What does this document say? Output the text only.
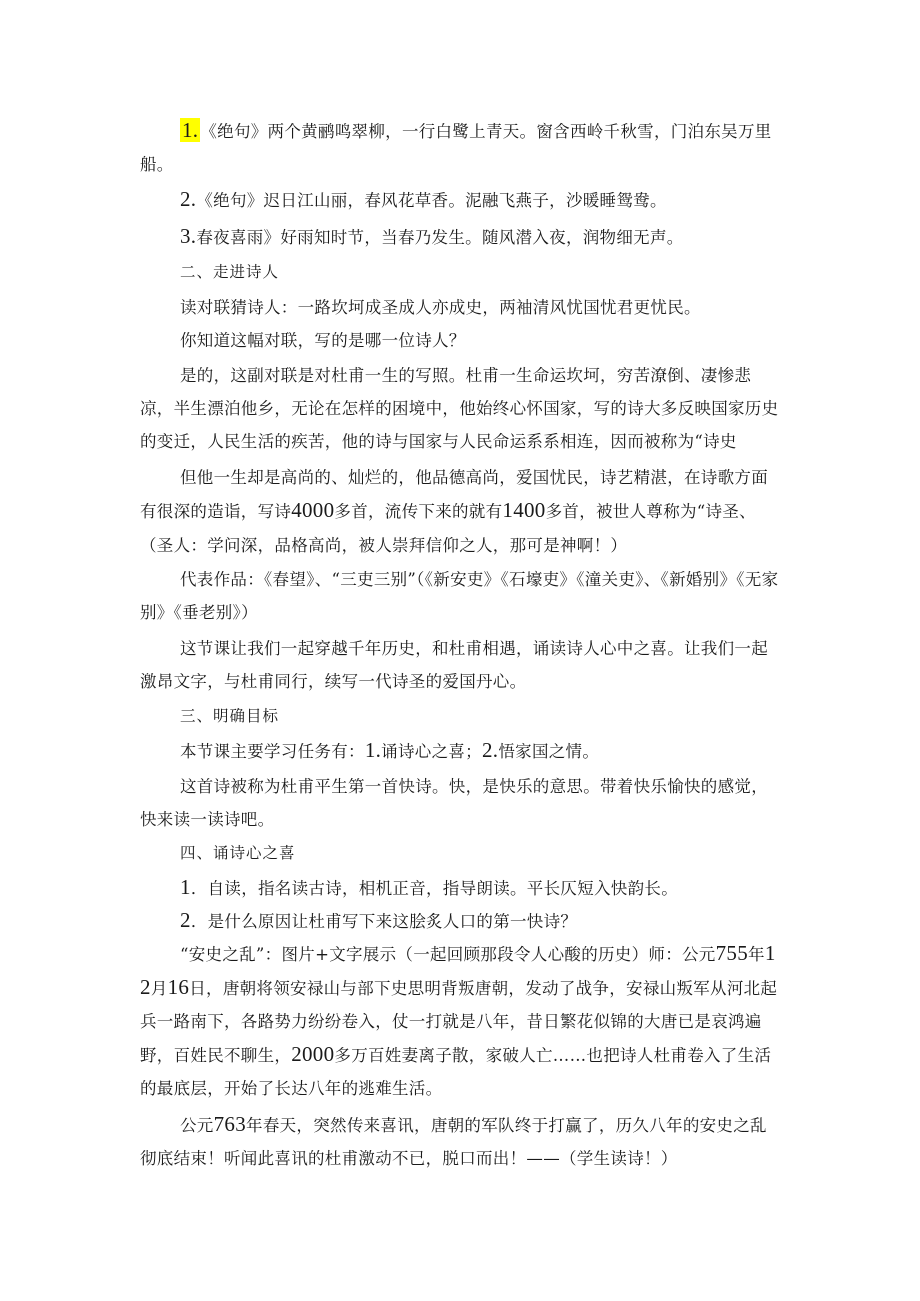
1. 《绝句》两个黄鹂鸣翠柳，一行白鹭上青天。窗含西岭千秋雪，门泊东吴万里船。

2.《绝句》迟日江山丽，春风花草香。泥融飞燕子，沙暖睡鸳鸯。

3.春夜喜雨》好雨知时节，当春乃发生。随风潜入夜，润物细无声。

二、走进诗人

读对联猜诗人：一路坎坷成圣成人亦成史，两袖清风忧国忧君更忧民。

你知道这幅对联，写的是哪一位诗人？

是的，这副对联是对杜甫一生的写照。杜甫一生命运坎坷，穷苦潦倒、凄惨悲凉，半生漂泊他乡，无论在怎样的困境中，他始终心怀国家，写的诗大多反映国家历史的变迁，人民生活的疾苦，他的诗与国家与人民命运系系相连，因而被称为“诗史

但他一生却是高尚的、灿烂的，他品德高尚，爱国忧民，诗艺精湛，在诗歌方面有很深的造诣，写诗4000多首，流传下来的就有1400多首，被世人尊称为“诗圣、

（圣人：学问深，品格高尚，被人崇拜信仰之人，那可是神啊！）

代表作品：《春望》、“三吏三别”（《新安吏》《石壕吏》《潼关吏》、《新婚别》《无家别》《垂老别》）

这节课让我们一起穿越千年历史，和杜甫相遇，诵读诗人心中之喜。让我们一起激昂文字，与杜甫同行，续写一代诗圣的爱国丹心。

三、明确目标

本节课主要学习任务有：1.诵诗心之喜；2.悟家国之情。

这首诗被称为杜甫平生第一首快诗。快，是快乐的意思。带着快乐愉快的感觉，快来读一读诗吧。

四、诵诗心之喜

1．自读，指名读古诗，相机正音，指导朗读。平长仄短入快韵长。

2．是什么原因让杜甫写下来这脍炙人口的第一快诗？

“安史之乱”：图片+文字展示（一起回顾那段令人心酸的历史）师：公元755年12月16日，唐朝将领安禄山与部下史思明背叛唐朝，发动了战争，安禄山叛军从河北起兵一路南下，各路势力纷纷卷入，仗一打就是八年，昔日繁花似锦的大唐已是哀鸿遍野，百姓民不聊生，2000多万百姓妻离子散，家破人亡……也把诗人杜甫卷入了生活的最底层，开始了长达八年的逃难生活。

公元763年春天，突然传来喜讯，唐朝的军队终于打赢了，历久八年的安史之乱彻底结束！听闻此喜讯的杜甫激动不已，脱口而出！——（学生读诗！）
